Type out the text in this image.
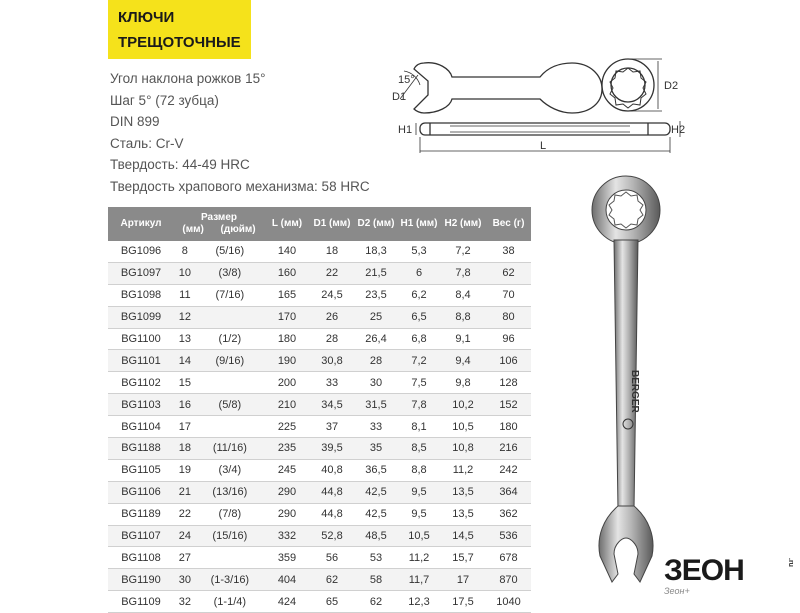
КЛЮЧИ
ТРЕЩОТОЧНЫЕ
Угол наклона рожков 15°
Шаг 5° (72 зубца)
DIN 899
Сталь: Cr-V
Твердость: 44-49 HRC
Твердость храпового механизма: 58 HRC
15°
D1
D2
H1	H2
L
Артикул	Размер
(мм) (дюйм)		L (мм)	D1 (мм)	D2 (мм)	H1 (мм)	H2 (мм)	Вес (г)
BG1096	8	(5/16)	140	18	18,3	5,3	7,2	38
BG1097	10	(3/8)	160	22	21,5	6	7,8	62
BG1098	11	(7/16)	165	24,5	23,5	6,2	8,4	70
BG1099	12		170	26	25	6,5	8,8	80
BG1100	13	(1/2)	180	28	26,4	6,8	9,1	96
BG1101	14	(9/16)	190	30,8	28	7,2	9,4	106
BG1102	15		200	33	30	7,5	9,8	128
BG1103	16	(5/8)	210	34,5	31,5	7,8	10,2	152
BG1104	17		225	37	33	8,1	10,5	180
BG1188	18	(11/16)	235	39,5	35	8,5	10,8	216
BG1105	19	(3/4)	245	40,8	36,5	8,8	11,2	242
BG1106	21	(13/16)	290	44,8	42,5	9,5	13,5	364
BG1189	22	(7/8)	290	44,8	42,5	9,5	13,5	362
BG1107	24	(15/16)	332	52,8	48,5	10,5	14,5	536
BG1108	27		359	56	53	11,2	15,7	678
BG1190	30	(1-3/16)	404	62	58	11,7	17	870
BG1109	32	(1-1/4)	424	65	62	12,3	17,5	1040
BERGER
ЗЕОН
Зеон+
.ru
